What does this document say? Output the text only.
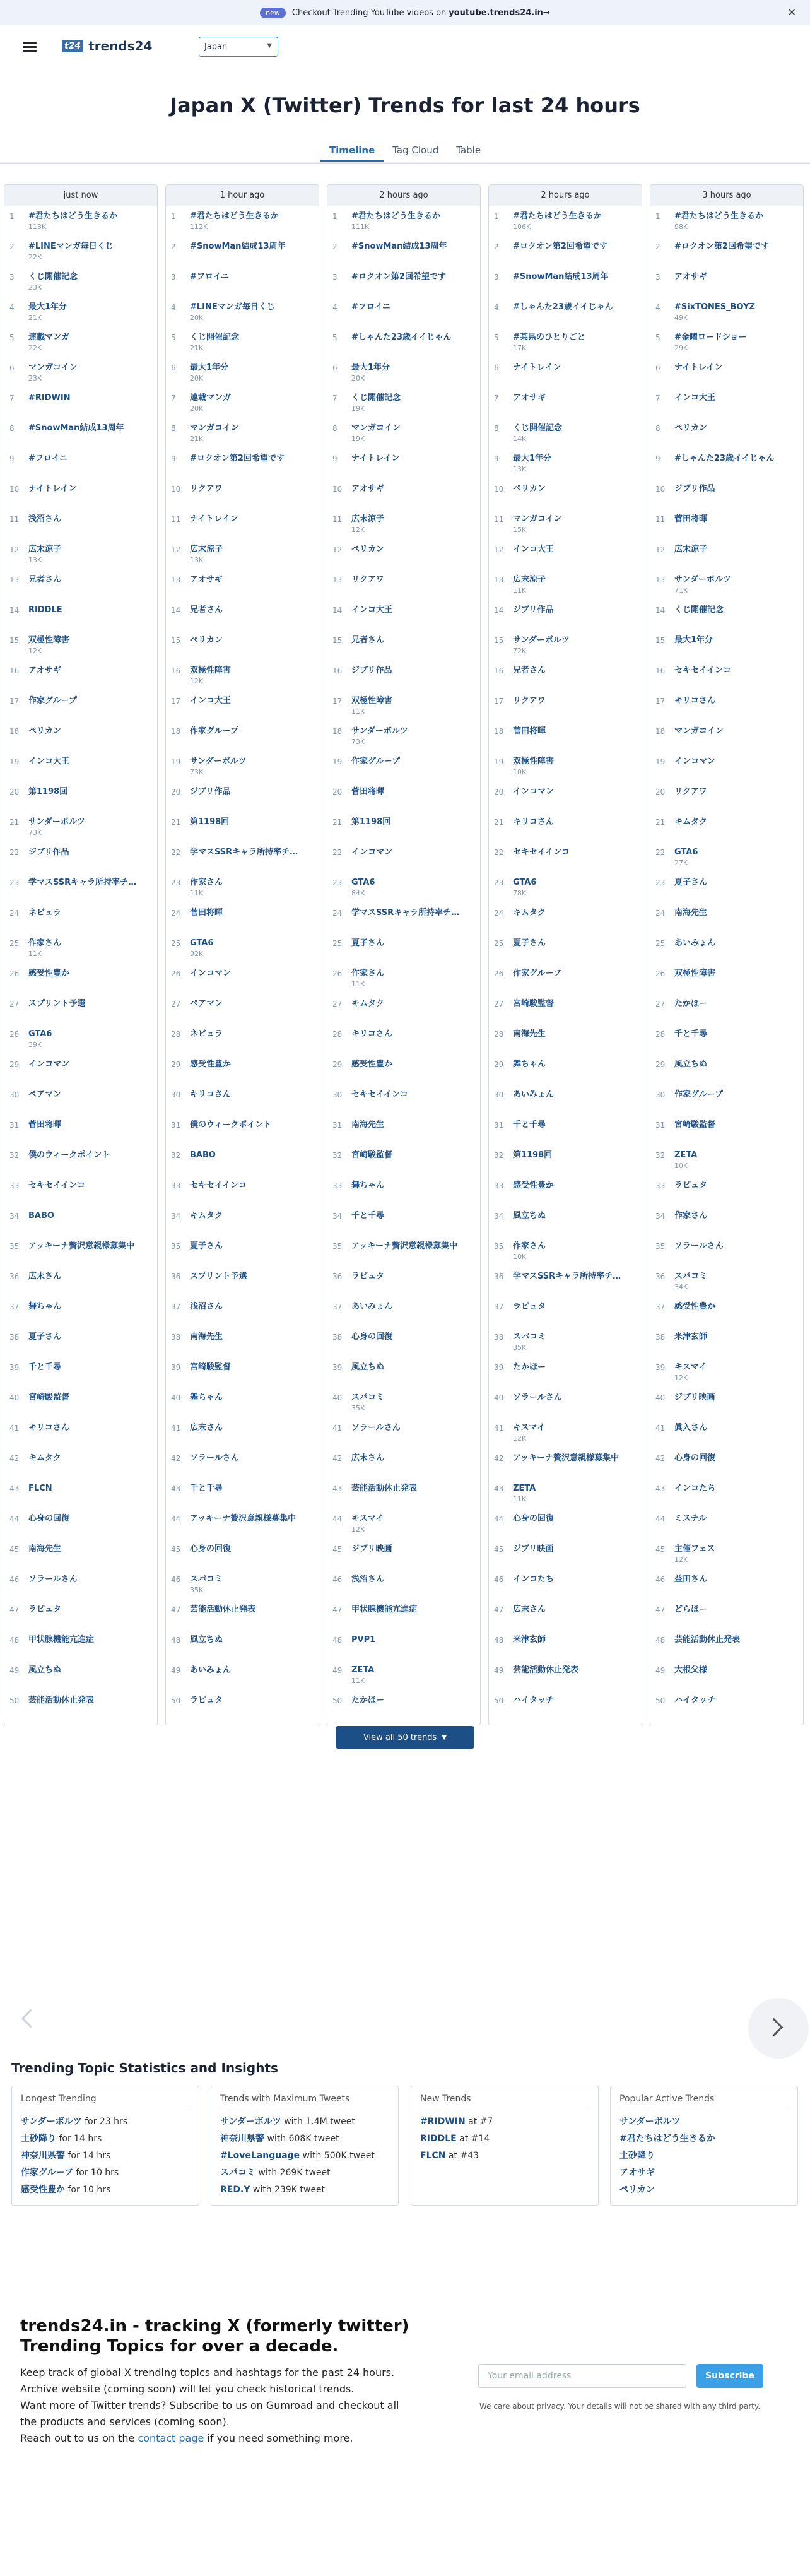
new	Checkout Trending YouTube videos on youtube.trends24.in→	✕
t24 trends24	Japan	▼
Japan X (Twitter) Trends for last 24 hours
Timeline	Tag Cloud	Table
just now
1	#君たちはどう生きるか
113K
2	#LINEマンガ毎日くじ
22K
3	くじ開催記念
23K
4	最大1年分
21K
5	連載マンガ
22K
6	マンガコイン
23K
7	#RIDWIN
8	#SnowMan結成13周年
9	#フロイニ
10	ナイトレイン
11	浅沼さん
12	広末涼子
13K
13	兄者さん
14	RIDDLE
15	双極性障害
12K
16	アオサギ
17	作家グループ
18	ペリカン
19	インコ大王
20	第1198回
21	サンダーボルツ
73K
22	ジブリ作品
23	学マスSSRキャラ所持率チ…
24	ネビュラ
25	作家さん
11K
26	感受性豊か
27	スプリント予選
28	GTA6
39K
29	インコマン
30	ペアマン
31	菅田将暉
32	僕のウィークポイント
33	セキセイインコ
34	BABO
35	アッキーナ贅沢意親様募集中
36	広末さん
37	舞ちゃん
38	夏子さん
39	千と千尋
40	宮崎駿監督
41	キリコさん
42	キムタク
43	FLCN
44	心身の回復
45	南海先生
46	ソラールさん
47	ラピュタ
48	甲状腺機能亢進症
49	風立ちぬ
50	芸能活動休止発表
1 hour ago
1	#君たちはどう生きるか
112K
2	#SnowMan結成13周年
3	#フロイニ
4	#LINEマンガ毎日くじ
20K
5	くじ開催記念
21K
6	最大1年分
20K
7	連載マンガ
20K
8	マンガコイン
21K
9	#ロクオン第2回希望です
10	リクアワ
11	ナイトレイン
12	広末涼子
13K
13	アオサギ
14	兄者さん
15	ペリカン
16	双極性障害
12K
17	インコ大王
18	作家グループ
19	サンダーボルツ
73K
20	ジブリ作品
21	第1198回
22	学マスSSRキャラ所持率チ…
23	作家さん
11K
24	菅田将暉
25	GTA6
92K
26	インコマン
27	ペアマン
28	ネビュラ
29	感受性豊か
30	キリコさん
31	僕のウィークポイント
32	BABO
33	セキセイインコ
34	キムタク
35	夏子さん
36	スプリント予選
37	浅沼さん
38	南海先生
39	宮崎駿監督
40	舞ちゃん
41	広末さん
42	ソラールさん
43	千と千尋
44	アッキーナ贅沢意親様募集中
45	心身の回復
46	スパコミ
35K
47	芸能活動休止発表
48	風立ちぬ
49	あいみょん
50	ラピュタ
2 hours ago
1	#君たちはどう生きるか
111K
2	#SnowMan結成13周年
3	#ロクオン第2回希望です
4	#フロイニ
5	#しゃんた23歳イイじゃん
6	最大1年分
20K
7	くじ開催記念
19K
8	マンガコイン
19K
9	ナイトレイン
10	アオサギ
11	広末涼子
12K
12	ペリカン
13	リクアワ
14	インコ大王
15	兄者さん
16	ジブリ作品
17	双極性障害
11K
18	サンダーボルツ
73K
19	作家グループ
20	菅田将暉
21	第1198回
22	インコマン
23	GTA6
84K
24	学マスSSRキャラ所持率チ…
25	夏子さん
26	作家さん
11K
27	キムタク
28	キリコさん
29	感受性豊か
30	セキセイインコ
31	南海先生
32	宮崎駿監督
33	舞ちゃん
34	千と千尋
35	アッキーナ贅沢意親様募集中
36	ラピュタ
37	あいみょん
38	心身の回復
39	風立ちぬ
40	スパコミ
35K
41	ソラールさん
42	広末さん
43	芸能活動休止発表
44	キスマイ
12K
45	ジブリ映画
46	浅沼さん
47	甲状腺機能亢進症
48	PVP1
49	ZETA
11K
50	たかほー
2 hours ago
1	#君たちはどう生きるか
106K
2	#ロクオン第2回希望です
3	#SnowMan結成13周年
4	#しゃんた23歳イイじゃん
5	#某県のひとりごと
17K
6	ナイトレイン
7	アオサギ
8	くじ開催記念
14K
9	最大1年分
13K
10	ペリカン
11	マンガコイン
15K
12	インコ大王
13	広末涼子
11K
14	ジブリ作品
15	サンダーボルツ
72K
16	兄者さん
17	リクアワ
18	菅田将暉
19	双極性障害
10K
20	インコマン
21	キリコさん
22	セキセイインコ
23	GTA6
78K
24	キムタク
25	夏子さん
26	作家グループ
27	宮崎駿監督
28	南海先生
29	舞ちゃん
30	あいみょん
31	千と千尋
32	第1198回
33	感受性豊か
34	風立ちぬ
35	作家さん
10K
36	学マスSSRキャラ所持率チ…
37	ラピュタ
38	スパコミ
35K
39	たかほー
40	ソラールさん
41	キスマイ
12K
42	アッキーナ贅沢意親様募集中
43	ZETA
11K
44	心身の回復
45	ジブリ映画
46	インコたち
47	広末さん
48	米津玄師
49	芸能活動休止発表
50	ハイタッチ
3 hours ago
1	#君たちはどう生きるか
98K
2	#ロクオン第2回希望です
3	アオサギ
4	#SixTONES_BOYZ
49K
5	#金曜ロードショー
29K
6	ナイトレイン
7	インコ大王
8	ペリカン
9	#しゃんた23歳イイじゃん
10	ジブリ作品
11	菅田将暉
12	広末涼子
13	サンダーボルツ
71K
14	くじ開催記念
15	最大1年分
16	セキセイインコ
17	キリコさん
18	マンガコイン
19	インコマン
20	リクアワ
21	キムタク
22	GTA6
27K
23	夏子さん
24	南海先生
25	あいみょん
26	双極性障害
27	たかほー
28	千と千尋
29	風立ちぬ
30	作家グループ
31	宮崎駿監督
32	ZETA
10K
33	ラピュタ
34	作家さん
35	ソラールさん
36	スパコミ
34K
37	感受性豊か
38	米津玄師
39	キスマイ
12K
40	ジブリ映画
41	眞入さん
42	心身の回復
43	インコたち
44	ミスチル
45	主催フェス
12K
46	益田さん
47	どらほー
48	芸能活動休止発表
49	大根父様
50	ハイタッチ
View all 50 trends ▼
Trending Topic Statistics and Insights
Longest Trending
サンダーボルツ for 23 hrs
土砂降り for 14 hrs
神奈川県警 for 14 hrs
作家グループ for 10 hrs
感受性豊か for 10 hrs
Trends with Maximum Tweets
サンダーボルツ with 1.4M tweet
神奈川県警 with 608K tweet
#LoveLanguage with 500K tweet
スパコミ with 269K tweet
RED.Y with 239K tweet
New Trends
#RIDWIN at #7
RIDDLE at #14
FLCN at #43
Popular Active Trends
サンダーボルツ
#君たちはどう生きるか
土砂降り
アオサギ
ペリカン
trends24.in - tracking X (formerly twitter) Trending Topics for over a decade.
Keep track of global X trending topics and hashtags for the past 24 hours.
Archive website (coming soon) will let you check historical trends.
Want more of Twitter trends? Subscribe to us on Gumroad and checkout all the products and services (coming soon).
Reach out to us on the contact page if you need something more.
Your email address	Subscribe
We care about privacy. Your details will not be shared with any third party.
